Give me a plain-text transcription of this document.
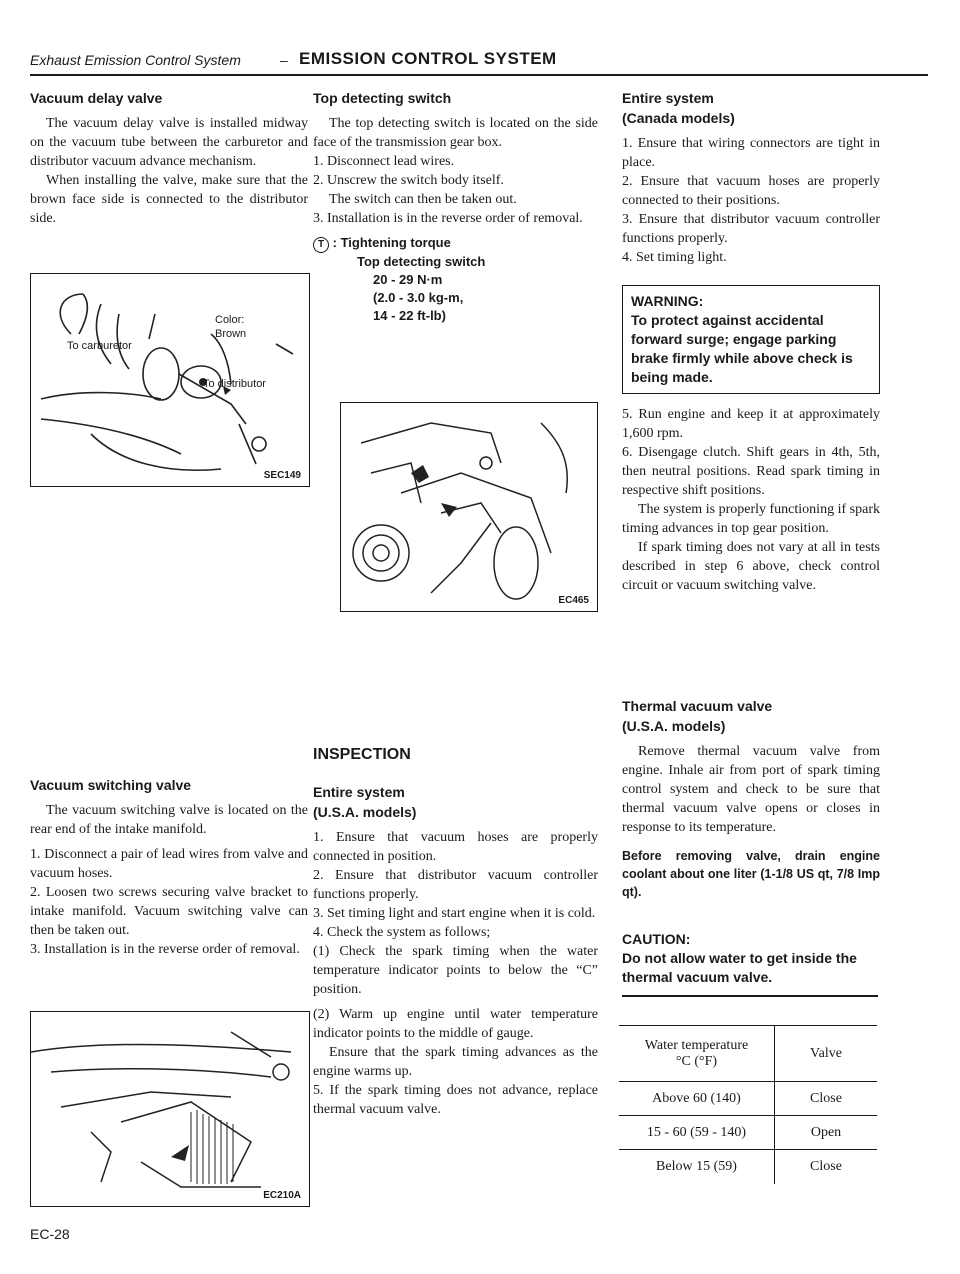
Exhaust Emission Control System	– EMISSION CONTROL SYSTEM
Vacuum delay valve

The vacuum delay valve is installed midway on the vacuum tube between the carburetor and distributor vacuum advance mechanism.

When installing the valve, make sure that the brown face side is connected to the distributor side.

Color:
Brown
To carburetor
To distributor
SEC149
Vacuum switching valve

The vacuum switching valve is located on the rear end of the intake manifold.

1. Disconnect a pair of lead wires from valve and vacuum hoses.

2. Loosen two screws securing valve bracket to intake manifold. Vacuum switching valve can then be taken out.

3. Installation is in the reverse order of removal.

EC210A
EC-28
Top detecting switch

The top detecting switch is located on the side face of the transmission gear box.

1. Disconnect lead wires.

2. Unscrew the switch body itself.

The switch can then be taken out.

3. Installation is in the reverse order of removal.

T : Tightening torque
Top detecting switch
20 - 29 N·m
(2.0 - 3.0 kg-m,
14 - 22 ft-lb)
EC465
INSPECTION
Entire system
(U.S.A. models)

1. Ensure that vacuum hoses are properly connected in position.

2. Ensure that distributor vacuum controller functions properly.

3. Set timing light and start engine when it is cold.

4. Check the system as follows;

(1) Check the spark timing when the water temperature indicator points to below the “C” position.

(2) Warm up engine until water temperature indicator points to the middle of gauge.

Ensure that the spark timing advances as the engine warms up.

5. If the spark timing does not advance, replace thermal vacuum valve.

Entire system
(Canada models)

1. Ensure that wiring connectors are tight in place.

2. Ensure that vacuum hoses are properly connected to their positions.

3. Ensure that distributor vacuum controller functions properly.

4. Set timing light.

WARNING:
To protect against accidental forward surge; engage parking brake firmly while above check is being made.

5. Run engine and keep it at approximately 1,600 rpm.

6. Disengage clutch. Shift gears in 4th, 5th, then neutral positions. Read spark timing in respective shift positions.

The system is properly functioning if spark timing advances in top gear position.

If spark timing does not vary at all in tests described in step 6 above, check control circuit or vacuum switching valve.

Thermal vacuum valve
(U.S.A. models)

Remove thermal vacuum valve from engine. Inhale air from port of spark timing control system and check to be sure that thermal vacuum valve opens or closes in response to its temperature.

Before removing valve, drain engine coolant about one liter (1-1/8 US qt, 7/8 Imp qt).

CAUTION:
Do not allow water to get inside the thermal vacuum valve.
Water temperature
°C (°F)	Valve
Above 60 (140)	Close
15 - 60 (59 - 140)	Open
Below 15 (59)	Close
